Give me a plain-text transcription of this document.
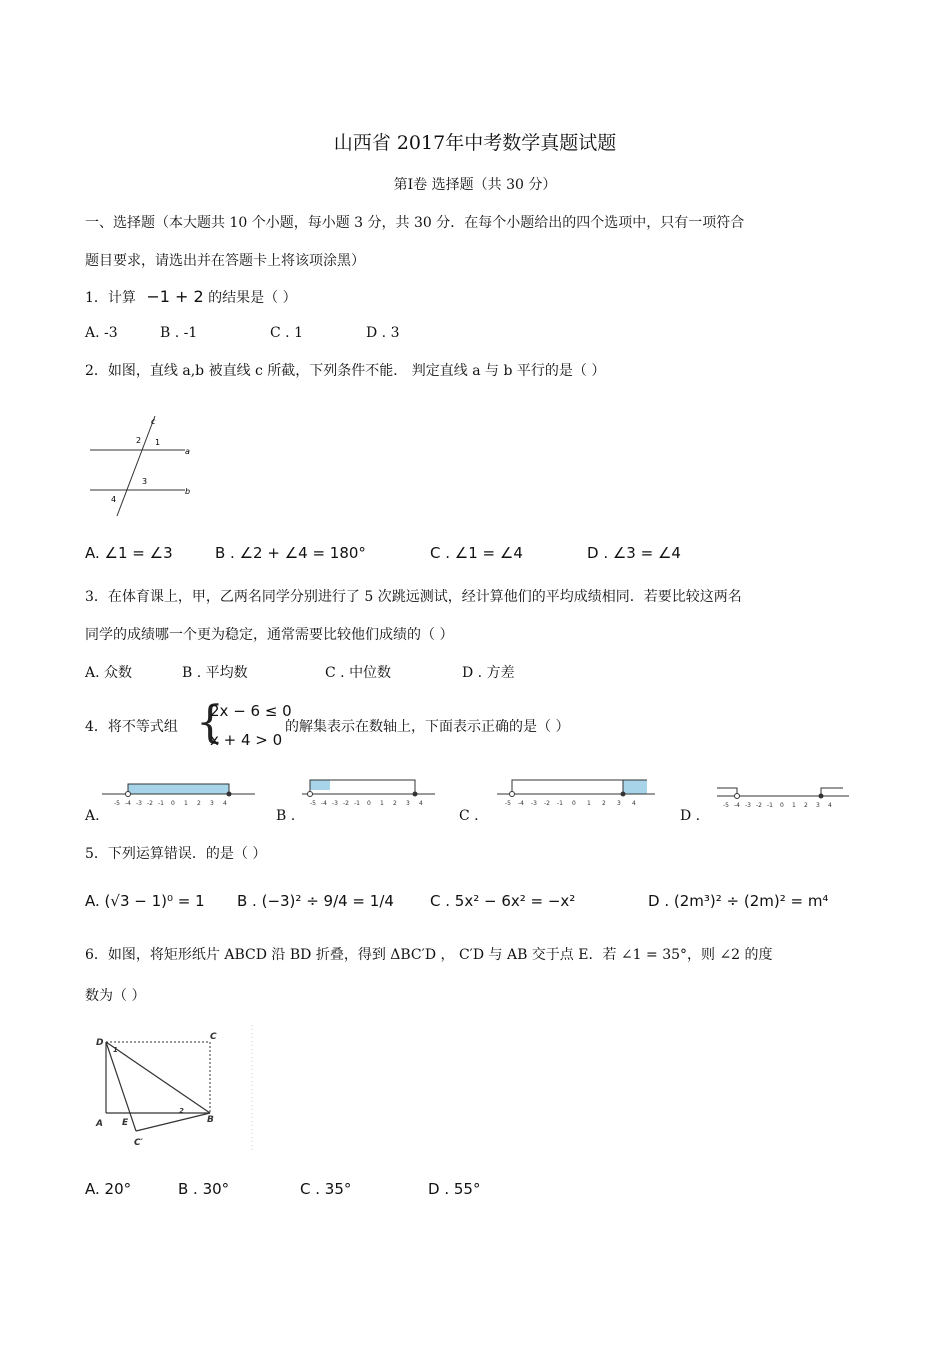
山西省 2017年中考数学真题试题
第Ⅰ卷 选择题（共 30 分）
一、选择题（本大题共 10 个小题，每小题 3 分，共 30 分．在每个小题给出的四个选项中，只有一项符合
题目要求，请选出并在答题卡上将该项涂黑）
1．计算 −1 + 2 的结果是（ ）
A. -3	B . -1	C . 1	D . 3
2．如图，直线 a,b 被直线 c 所截，下列条件不能． 判定直线 a 与 b 平行的是（ ）
c
a
b
1
2
3
4
A. ∠1 = ∠3	B . ∠2 + ∠4 = 180°	C . ∠1 = ∠4	D . ∠3 = ∠4
3．在体育课上，甲，乙两名同学分别进行了 5 次跳远测试，经计算他们的平均成绩相同．若要比较这两名
同学的成绩哪一个更为稳定，通常需要比较他们成绩的（ ）
A. 众数	B . 平均数	C . 中位数	D . 方差
4．将不等式组 {
2x − 6 ≤ 0
x + 4 > 0
的解集表示在数轴上，下面表示正确的是（ ）
-5 -4 -3 -2 -1 0 1 2 3 4
A.
-5 -4 -3 -2 -1 0 1 2 3 4
B .
-5 -4 -3 -2 -1 0 1 2 3 4
C .
-5 -4 -3 -2 -1 0 1 2 3 4
D .
5．下列运算错误．的是（ ）
A. (√3 − 1)⁰ = 1 B . (−3)² ÷ 9/4 = 1/4 C . 5x² − 6x² = −x²	D . (2m³)² ÷ (2m)² = m⁴
6．如图，将矩形纸片 ABCD 沿 BD 折叠，得到 ΔBC′D ， C′D 与 AB 交于点 E．若 ∠1 = 35°，则 ∠2 的度
数为（ ）
D
C
A E	B
C′
1
2
A. 20°	B . 30°	C . 35°	D . 55°
